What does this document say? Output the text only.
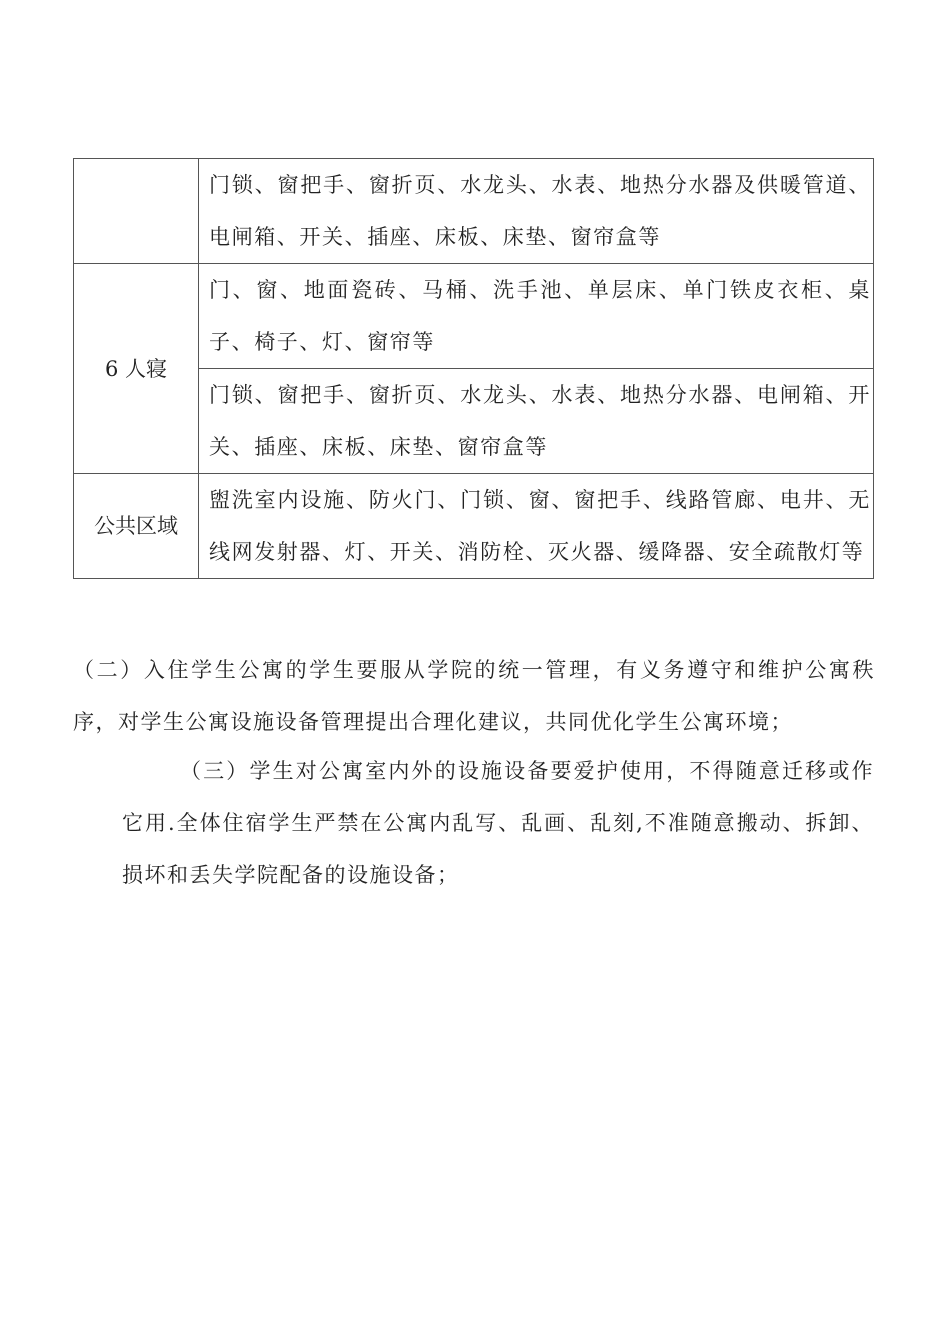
	门锁、窗把手、窗折页、水龙头、水表、地热分水器及供暖管道、电闸箱、开关、插座、床板、床垫、窗帘盒等
6 人寝	门、窗、地面瓷砖、马桶、洗手池、单层床、单门铁皮衣柜、桌子、椅子、灯、窗帘等
	门锁、窗把手、窗折页、水龙头、水表、地热分水器、电闸箱、开关、插座、床板、床垫、窗帘盒等
公共区域	盥洗室内设施、防火门、门锁、窗、窗把手、线路管廊、电井、无线网发射器、灯、开关、消防栓、灭火器、缓降器、安全疏散灯等

（二）入住学生公寓的学生要服从学院的统一管理，有义务遵守和维护公寓秩序，对学生公寓设施设备管理提出合理化建议，共同优化学生公寓环境；

（三）学生对公寓室内外的设施设备要爱护使用，不得随意迁移或作它用.全体住宿学生严禁在公寓内乱写、乱画、乱刻,不准随意搬动、拆卸、损坏和丢失学院配备的设施设备；
